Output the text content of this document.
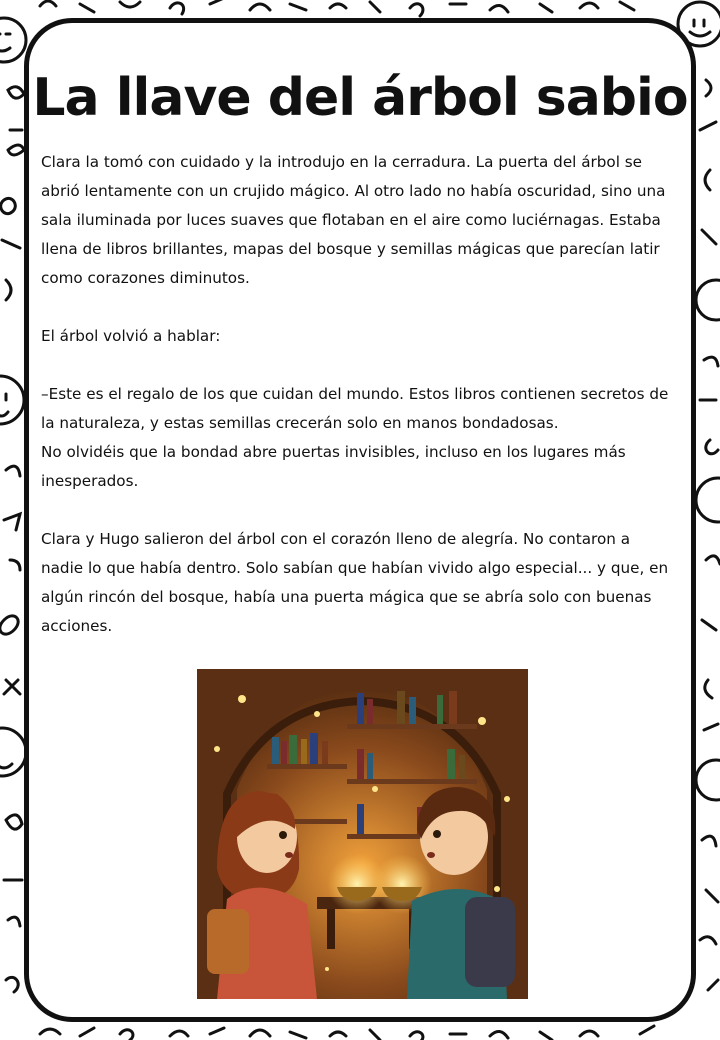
La llave del árbol sabio

Clara la tomó con cuidado y la introdujo en la cerradura. La puerta del árbol se abrió lentamente con un crujido mágico. Al otro lado no había oscuridad, sino una sala iluminada por luces suaves que flotaban en el aire como luciérnagas. Estaba llena de libros brillantes, mapas del bosque y semillas mágicas que parecían latir como corazones diminutos.

El árbol volvió a hablar:

–Este es el regalo de los que cuidan del mundo. Estos libros contienen secretos de la naturaleza, y estas semillas crecerán solo en manos bondadosas.

No olvidéis que la bondad abre puertas invisibles, incluso en los lugares más inesperados.

Clara y Hugo salieron del árbol con el corazón lleno de alegría. No contaron a nadie lo que había dentro. Solo sabían que habían vivido algo especial... y que, en algún rincón del bosque, había una puerta mágica que se abría solo con buenas acciones.
